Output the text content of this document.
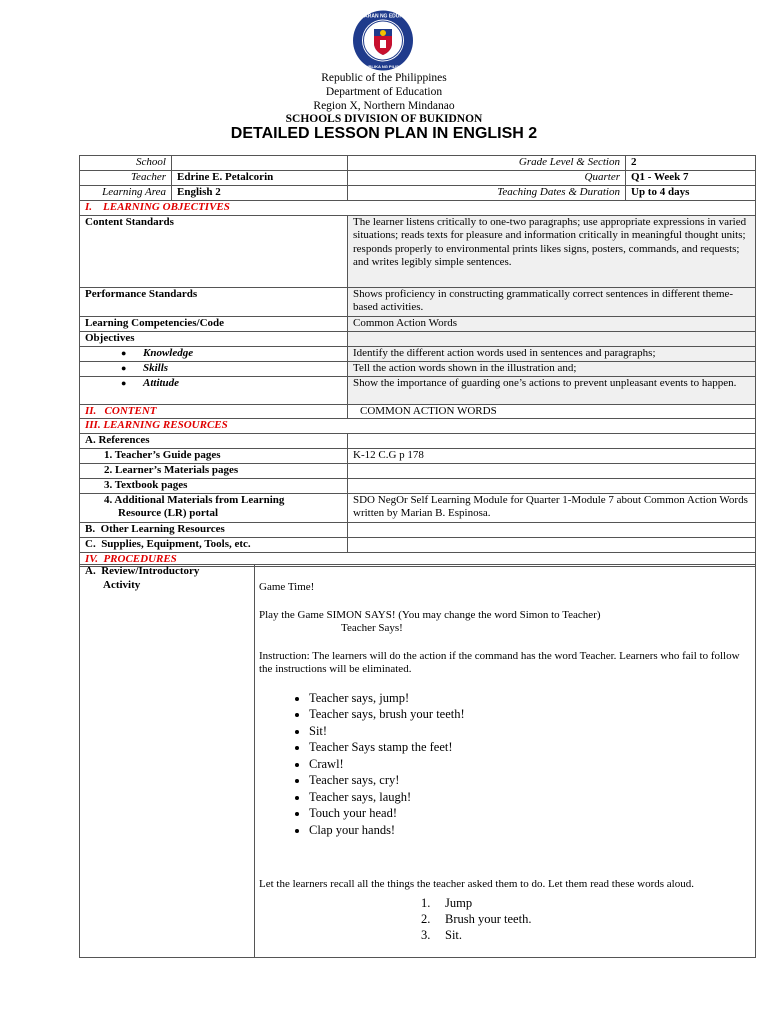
KAGAWARAN NG EDUKASYON
REPUBLIKA NG PILIPINAS
Republic of the Philippines
Department of Education
Region X, Northern Mindanao
SCHOOLS DIVISION OF BUKIDNON
DETAILED LESSON PLAN IN ENGLISH 2
School		Grade Level & Section	2
Teacher	Edrine E. Petalcorin	Quarter	Q1 - Week 7
Learning Area	English 2	Teaching Dates & Duration	Up to 4 days
I.    LEARNING OBJECTIVES	
Content Standards	The learner listens critically to one-two paragraphs; use appropriate expressions in varied situations; reads texts for pleasure and information critically in meaningful thought units; responds properly to environmental prints likes signs, posters, commands, and requests; and writes legibly simple sentences.
Performance Standards	Shows proficiency in constructing grammatically correct sentences in different theme-based activities.
Learning Competencies/Code	Common Action Words
Objectives	
● Knowledge	Identify the different action words used in sentences and paragraphs;
● Skills	Tell the action words shown in the illustration and;
● Attitude	Show the importance of guarding one’s actions to prevent unpleasant events to happen.
II.   CONTENT	COMMON ACTION WORDS
III. LEARNING RESOURCES	
A. References	
1. Teacher’s Guide pages	K-12 C.G p 178
2. Learner’s Materials pages	
3. Textbook pages	
4. Additional Materials from Learning
Resource (LR) portal	SDO NegOr Self Learning Module for Quarter 1-Module 7 about Common Action Words written by Marian B. Espinosa.
B.  Other Learning Resources	
C.  Supplies, Equipment, Tools, etc.	
IV.  PROCEDURES	
A.  Review/Introductory
Activity	Game Time!

Play the Game SIMON SAYS! (You may change the word Simon to Teacher)

Teacher Says!

Instruction: The learners will do the action if the command has the word Teacher. Learners who fail to follow the instructions will be eliminated.

• Teacher says, jump!
• Teacher says, brush your teeth!
• Sit!
• Teacher Says stamp the feet!
• Crawl!
• Teacher says, cry!
• Teacher says, laugh!
• Touch your head!
• Clap your hands!

Let the learners recall all the things the teacher asked them to do. Let them read these words aloud.

1. Jump
2. Brush your teeth.
3. Sit.
